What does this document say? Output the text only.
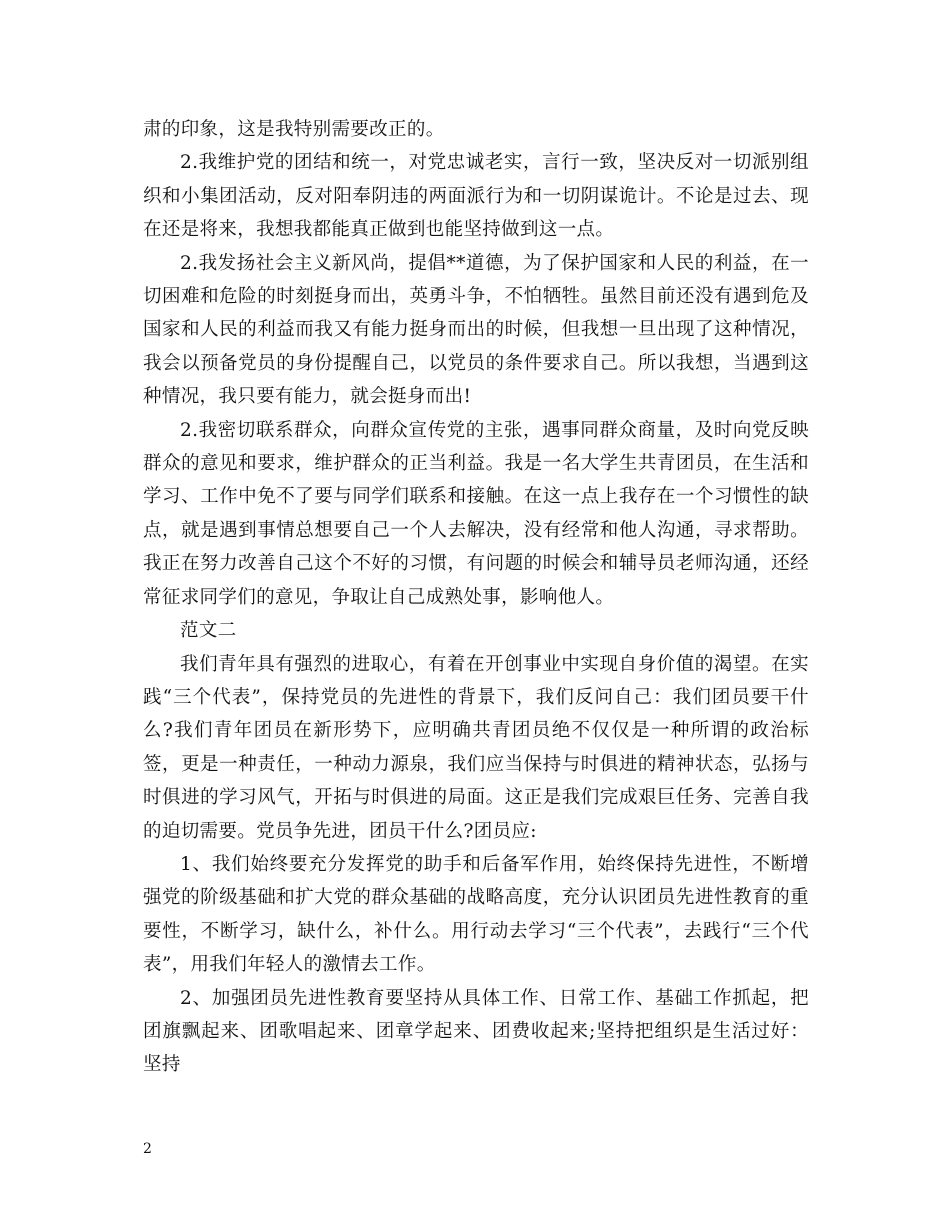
肃的印象，这是我特别需要改正的。

2.我维护党的团结和统一，对党忠诚老实，言行一致，坚决反对一切派别组织和小集团活动，反对阳奉阴违的两面派行为和一切阴谋诡计。不论是过去、现在还是将来，我想我都能真正做到也能坚持做到这一点。

2.我发扬社会主义新风尚，提倡**道德，为了保护国家和人民的利益，在一切困难和危险的时刻挺身而出，英勇斗争，不怕牺牲。虽然目前还没有遇到危及国家和人民的利益而我又有能力挺身而出的时候，但我想一旦出现了这种情况，我会以预备党员的身份提醒自己，以党员的条件要求自己。所以我想，当遇到这种情况，我只要有能力，就会挺身而出!

2.我密切联系群众，向群众宣传党的主张，遇事同群众商量，及时向党反映群众的意见和要求，维护群众的正当利益。我是一名大学生共青团员，在生活和学习、工作中免不了要与同学们联系和接触。在这一点上我存在一个习惯性的缺点，就是遇到事情总想要自己一个人去解决，没有经常和他人沟通，寻求帮助。我正在努力改善自己这个不好的习惯，有问题的时候会和辅导员老师沟通，还经常征求同学们的意见，争取让自己成熟处事，影响他人。

范文二

我们青年具有强烈的进取心，有着在开创事业中实现自身价值的渴望。在实践“三个代表”，保持党员的先进性的背景下，我们反问自己：我们团员要干什么?我们青年团员在新形势下，应明确共青团员绝不仅仅是一种所谓的政治标签，更是一种责任，一种动力源泉，我们应当保持与时俱进的精神状态，弘扬与时俱进的学习风气，开拓与时俱进的局面。这正是我们完成艰巨任务、完善自我的迫切需要。党员争先进，团员干什么?团员应:

1、我们始终要充分发挥党的助手和后备军作用，始终保持先进性，不断增强党的阶级基础和扩大党的群众基础的战略高度，充分认识团员先进性教育的重要性，不断学习，缺什么，补什么。用行动去学习“三个代表”，去践行“三个代表”，用我们年轻人的激情去工作。

2、加强团员先进性教育要坚持从具体工作、日常工作、基础工作抓起，把团旗飘起来、团歌唱起来、团章学起来、团费收起来;坚持把组织是生活过好：坚持

2
